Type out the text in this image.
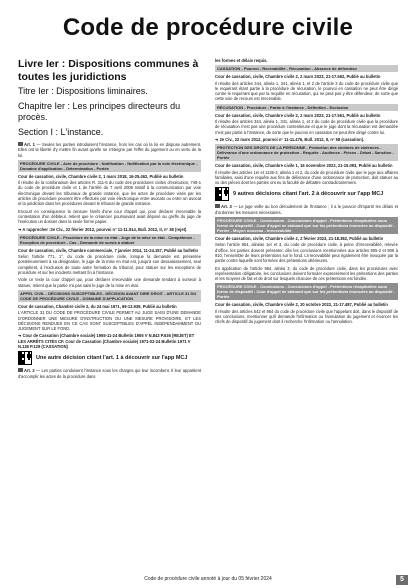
Code de procédure civile
Livre Ier : Dispositions communes à toutes les juridictions
Titre Ier : Dispositions liminaires.
Chapitre Ier : Les principes directeurs du procès.
Section I : L'instance.

Art. 1 — Seules les parties introduisent l'instance, hors les cas où la loi en dispose autrement. Elles ont la liberté d'y mettre fin avant qu'elle ne s'éteigne par l'effet du jugement ou en vertu de la loi.

PROCÉDURE CIVILE - Acte de procédure - Notification - Notification par la voie électronique - Domaine d'application - Détermination - Portée
Cour de cassation, civile, Chambre civile 2, 1 mars 2018, 16-25.462, Publié au bulletin

Il résulte de la combinaison des articles R. 311-6 du code des procédures civiles d'exécution, 748-1 du code de procédure civile et 1 de l'arrêté du 7 avril 2009 relatif à la communication par voie électronique devant les tribunaux de grande instance, que les actes de procédure visés par les articles de procédure peuvent être effectués par voie électronique entre avocats ou entre un avocat et la juridiction dans les procédures devant le tribunal de grande instance.

Encourt en conséquence la censure l'arrêt d'une cour d'appel qui, pour déclarer irrecevable la contestation d'un débiteur, retient que le créancier poursuivant avait déposé au greffe du juge de l'exécution un dossier dans la seule forme papier.

➔ A rapprocher :2e Civ., 22 février 2012, pourvoi n° 11-11.914, Bull. 2012, II, n° 38 (rejet)
PROCÉDURE CIVILE - Procédure de la mise en état - Juge de la mise en état - Compétence - Exception de procédure - Cas - Demande de sursis à statuer
Cour de cassation, civile, Chambre commerciale, 7 janvier 2014, 11-24.157, Publié au bulletin

Selon l'article 771, 1°, du code de procédure civile, lorsque la demande est présentée postérieurement à sa désignation, le juge de la mise en état est, jusqu'à son dessaisissement, seul compétent, à l'exclusion de toute autre formation du tribunal, pour statuer sur les exceptions de procédure et sur les incidents mettant fin à l'instance.

Viole ce texte la cour d'appel qui, pour déclarer irrecevable une demande tendant à surseoir à statuer, retient que la partie n'a pas saisi le juge de la mise en état.

APPEL CIVIL - DÉCISIONS SUSCEPTIBLES - DÉCISION AVANT DIRE DROIT - ARTICLE 31 DU CODE DE PROCÉDURE CIVILE - DOMAINE D'APPLICATION
Cour de cassation, Chambre civile 2, du 24 mai 1971, 69-13.939, Publié au bulletin

L'ARTICLE 31 DU CODE DE PROCÉDURE CIVILE PERMET AU JUGE SAISI D'UNE DEMANDE D'ORDONNER UNE MESURE D'INSTRUCTION OU UNE MESURE PROVISOIRE, ET LES DÉCISIONS RENDUES EN CE CAS SONT SUSCEPTIBLES D'APPEL INDÉPENDAMMENT DU JUGEMENT SUR LE FOND.

➔ Cour de Cassation (Chambre sociale) 1955-11-24 Bulletin 1955 V N.843 P.636 (REJET) ET LES ARRÊTS CITÉS CF. Cour de Cassation (Chambre sociale) 1971-02-24 Bulletin 1971 V N.136 P.129 (CASSATION)
Une autre décision citant l'art. 1 à découvrir sur l'app MCJ

Art. 2 — Les parties conduisent l'instance sous les charges qui leur incombent. Il leur appartient d'accomplir les actes de la procédure dans

les formes et délais requis.

CASSATION - Pourvoi - Recevabilité - Récusation - Absence de défendeur
Cour de cassation, civile, Chambre civile 2, 2 mars 2023, 21-17.562, Publié au bulletin

Il résulte des articles 344, alinéa 1, 341, alinéa 1, et 2 de l'article 3 du code de procédure civile que le requérant étant partie à la procédure de récusation, le pourvoi en cassation ne peut être dirigé contre le requérant que par la requête en récusation, qui ne peut pas y être défendeur, de sorte que cette voie de recours est irrecevable.

RÉCUSATION - Procédure - Partie à l'instance - Définition - Exclusion
Cour de cassation, civile, Chambre civile 2, 2 mars 2023, 21-17.561, Publié au bulletin

Il résulte des articles 344, alinéa 1, 341, alinéa 1, et 2 du code de procédure civile que la procédure de récusation n'est pas une procédure contentieuse et que le juge dont la récusation est demandée n'est pas partie à l'instance, de sorte que le pourvoi en cassation ne peut être dirigé contre lui.

➔ 2e Civ., 22 mars 2012, pourvoi n° 11-11.476, Bull. 2012, II, n° 58 (cassation).
PROTECTION DES DROITS DE LA PERSONNE - Protection des victimes de violences - Délivrance d'une ordonnance de protection - Requête - Audience - Pièces - Débat - Sanction - Portée
Cour de cassation, civile, Chambre civile 1, 16 novembre 2022, 21-15.093, Publié au bulletin

Il résulte des articles 1er et 1136-3, alinéa 1 et 2, du code de procédure civile que le juge aux affaires familiales, saisi d'une requête aux fins de délivrance d'une ordonnance de protection, doit statuer au vu des pièces dont les parties ont eu la faculté de débattre contradictoirement.

9 autres décisions citant l'art. 2 à découvrir sur l'app MCJ

Art. 3 — Le juge veille au bon déroulement de l'instance ; il a le pouvoir d'impartir les délais et d'ordonner les mesures nécessaires.

PROCÉDURE CIVILE - Conclusions - Conclusions d'appel - Prétentions récapitulées sous forme de dispositif - Cour d'appel ne statuant que sur les prétentions énoncées au dispositif - Portée - Moyen nouveau - Irrecevabilité
Cour de cassation, civile, Chambre civile 2, 2 février 2023, 21-18.382, Publié au bulletin

Selon l'article 954, alinéas 1er et 3, du code de procédure civile, à peine d'irrecevabilité, relevée d'office, les parties doivent présenter, dès les conclusions mentionnées aux articles 905-2 et 908 à 910, l'ensemble de leurs prétentions sur le fond. L'irrecevabilité peut également être invoquée par la partie contre laquelle sont formées des prétentions ultérieures.

En application de l'article 954, alinéa 3, du code de procédure civile, dans les procédures avec représentation obligatoire, les conclusions doivent formuler expressément les prétentions des parties et les moyens de fait et de droit sur lesquels chacune de ces prétentions est fondée.

PROCÉDURE CIVILE - Conclusions - Conclusions d'appel - Prétentions récapitulées sous forme de dispositif - Cour d'appel ne statuant que sur les prétentions énoncées au dispositif - Portée
Cour de cassation, civile, Chambre civile 2, 20 octobre 2022, 21-17.487, Publié au bulletin

Il résulte des articles 542 et 954 du code de procédure civile que l'appelant doit, dans le dispositif de ses conclusions, mentionner qu'il demande l'infirmation ou l'annulation du jugement et énoncer les chefs de dispositif du jugement dont il recherche l'infirmation ou l'annulation.

Code de procédure civile annoté à jour du 05 février 2024	5
